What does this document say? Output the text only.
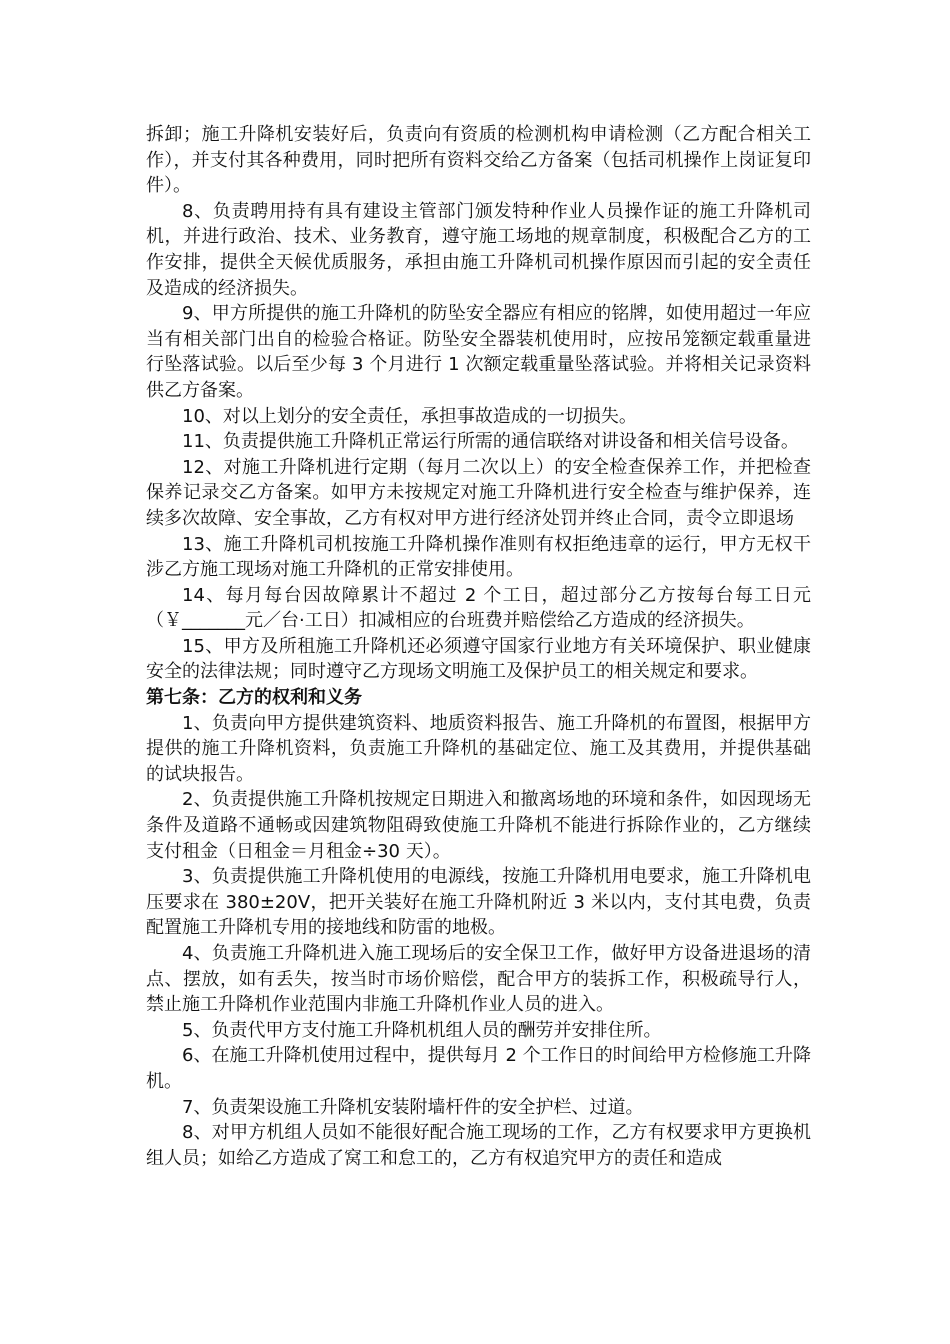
拆卸；施工升降机安装好后，负责向有资质的检测机构申请检测（乙方配合相关工作），并支付其各种费用，同时把所有资料交给乙方备案（包括司机操作上岗证复印件）。

8、负责聘用持有具有建设主管部门颁发特种作业人员操作证的施工升降机司机，并进行政治、技术、业务教育，遵守施工场地的规章制度，积极配合乙方的工作安排，提供全天候优质服务，承担由施工升降机司机操作原因而引起的安全责任及造成的经济损失。

9、甲方所提供的施工升降机的防坠安全器应有相应的铭牌，如使用超过一年应当有相关部门出自的检验合格证。防坠安全器装机使用时，应按吊笼额定载重量进行坠落试验。以后至少每 3 个月进行 1 次额定载重量坠落试验。并将相关记录资料供乙方备案。

10、对以上划分的安全责任，承担事故造成的一切损失。

11、负责提供施工升降机正常运行所需的通信联络对讲设备和相关信号设备。

12、对施工升降机进行定期（每月二次以上）的安全检查保养工作，并把检查保养记录交乙方备案。如甲方未按规定对施工升降机进行安全检查与维护保养，连续多次故障、安全事故，乙方有权对甲方进行经济处罚并终止合同，责令立即退场

13、施工升降机司机按施工升降机操作准则有权拒绝违章的运行，甲方无权干涉乙方施工现场对施工升降机的正常安排使用。

14、每月每台因故障累计不超过 2 个工日，超过部分乙方按每台每工日元（￥_______元／台·工日）扣减相应的台班费并赔偿给乙方造成的经济损失。

15、甲方及所租施工升降机还必须遵守国家行业地方有关环境保护、职业健康安全的法律法规；同时遵守乙方现场文明施工及保护员工的相关规定和要求。

第七条：乙方的权利和义务

1、负责向甲方提供建筑资料、地质资料报告、施工升降机的布置图，根据甲方提供的施工升降机资料，负责施工升降机的基础定位、施工及其费用，并提供基础的试块报告。

2、负责提供施工升降机按规定日期进入和撤离场地的环境和条件，如因现场无条件及道路不通畅或因建筑物阻碍致使施工升降机不能进行拆除作业的，乙方继续支付租金（日租金＝月租金÷30 天）。

3、负责提供施工升降机使用的电源线，按施工升降机用电要求，施工升降机电压要求在 380±20V，把开关装好在施工升降机附近 3 米以内，支付其电费，负责配置施工升降机专用的接地线和防雷的地极。

4、负责施工升降机进入施工现场后的安全保卫工作，做好甲方设备进退场的清点、摆放，如有丢失，按当时市场价赔偿，配合甲方的装拆工作，积极疏导行人，禁止施工升降机作业范围内非施工升降机作业人员的进入。

5、负责代甲方支付施工升降机机组人员的酬劳并安排住所。

6、在施工升降机使用过程中，提供每月 2 个工作日的时间给甲方检修施工升降机。

7、负责架设施工升降机安装附墙杆件的安全护栏、过道。

8、对甲方机组人员如不能很好配合施工现场的工作，乙方有权要求甲方更换机组人员；如给乙方造成了窝工和怠工的，乙方有权追究甲方的责任和造成
